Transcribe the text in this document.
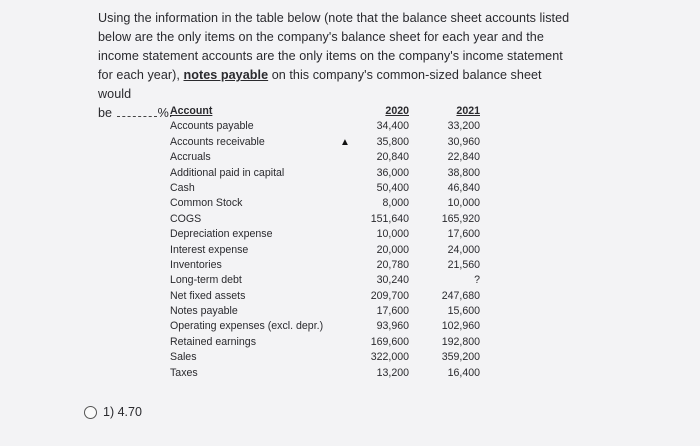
Using the information in the table below (note that the balance sheet accounts listed
below are the only items on the company's balance sheet for each year and the
income statement accounts are the only items on the company's income statement
for each year), notes payable on this company's common-sized balance sheet would
be	%.
Account	2020	2021
Accounts payable	34,400	33,200
Accounts receivable	35,800	30,960
Accruals	20,840	22,840
Additional paid in capital	36,000	38,800
Cash	50,400	46,840
Common Stock	8,000	10,000
COGS	151,640	165,920
Depreciation expense	10,000	17,600
Interest expense	20,000	24,000
Inventories	20,780	21,560
Long-term debt	30,240	?
Net fixed assets	209,700	247,680
Notes payable	17,600	15,600
Operating expenses (excl. depr.)	93,960	102,960
Retained earnings	169,600	192,800
Sales	322,000	359,200
Taxes	13,200	16,400
▲
1) 4.70
